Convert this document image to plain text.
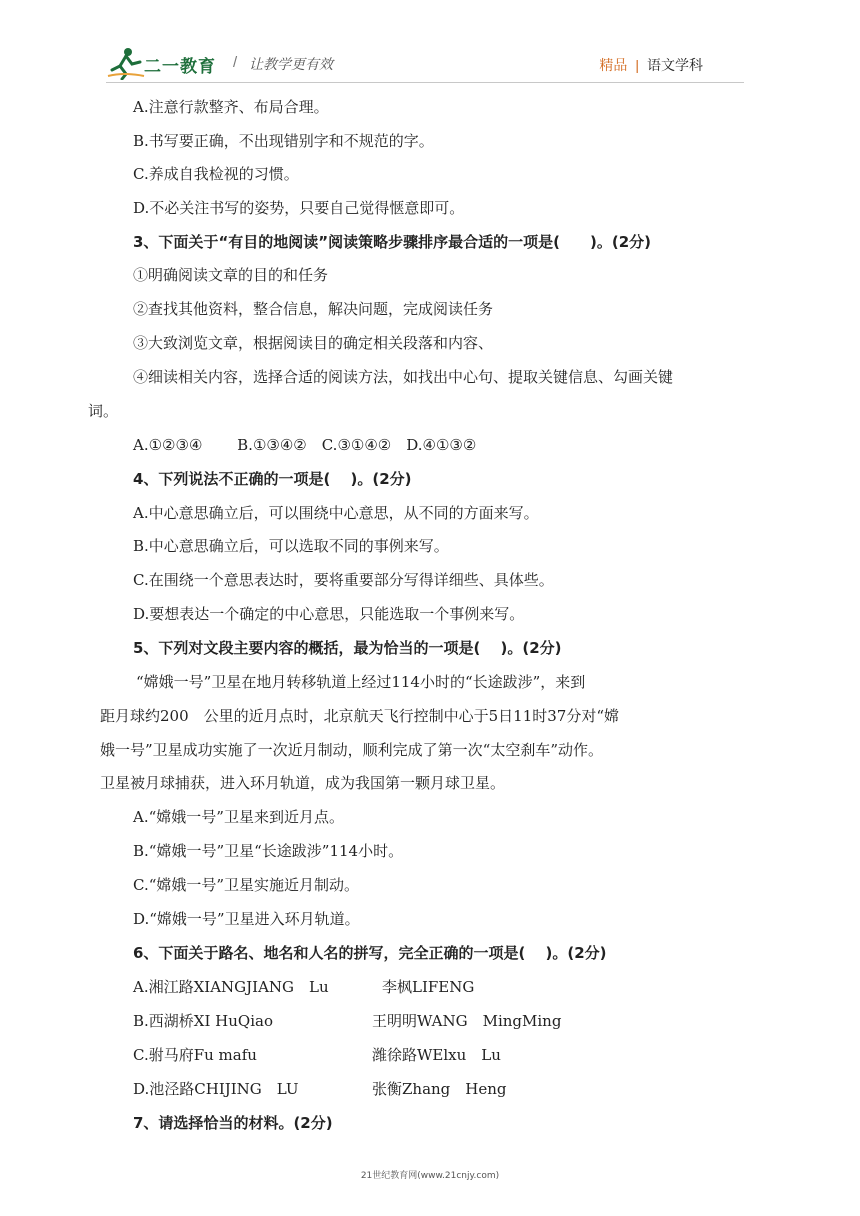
二一教育 / 让教学更有效	精品 | 语文学科
A.注意行款整齐、布局合理。
B.书写要正确，不出现错别字和不规范的字。
C.养成自我检视的习惯。
D.不必关注书写的姿势，只要自己觉得惬意即可。
3、下面关于“有目的地阅读”阅读策略步骤排序最合适的一项是(　　)。(2分)
①明确阅读文章的目的和任务
②查找其他资料，整合信息，解决问题，完成阅读任务
③大致浏览文章，根据阅读目的确定相关段落和内容、
④细读相关内容，选择合适的阅读方法，如找出中心句、提取关键信息、勾画关键
词。
A.①②③④　　 B.①③④②　C.③①④②　D.④①③②
4、下列说法不正确的一项是(　 )。(2分)
A.中心意思确立后，可以围绕中心意思，从不同的方面来写。
B.中心意思确立后，可以选取不同的事例来写。
C.在围绕一个意思表达时，要将重要部分写得详细些、具体些。
D.要想表达一个确定的中心意思，只能选取一个事例来写。
5、下列对文段主要内容的概括，最为恰当的一项是(　 )。(2分)
“嫦娥一号”卫星在地月转移轨道上经过114小时的“长途跋涉”，来到
距月球约200　公里的近月点时，北京航天飞行控制中心于5日11时37分对“嫦
娥一号”卫星成功实施了一次近月制动，顺利完成了第一次“太空刹车”动作。
卫星被月球捕获，进入环月轨道，成为我国第一颗月球卫星。
A.“嫦娥一号”卫星来到近月点。
B.“嫦娥一号”卫星“长途跋涉”114小时。
C.“嫦娥一号”卫星实施近月制动。
D.“嫦娥一号”卫星进入环月轨道。
6、下面关于路名、地名和人名的拼写，完全正确的一项是(　 )。(2分)
A.湘江路XIANGJIANG　Lu	李枫LIFENG
B.西湖桥XI HuQiao	王明明WANG　MingMing
C.驸马府Fu mafu	潍徐路WElxu　Lu
D.池泾路CHIJING　LU	张衡Zhang　Heng
7、请选择恰当的材料。(2分)
21世纪教育网(www.21cnjy.com)
